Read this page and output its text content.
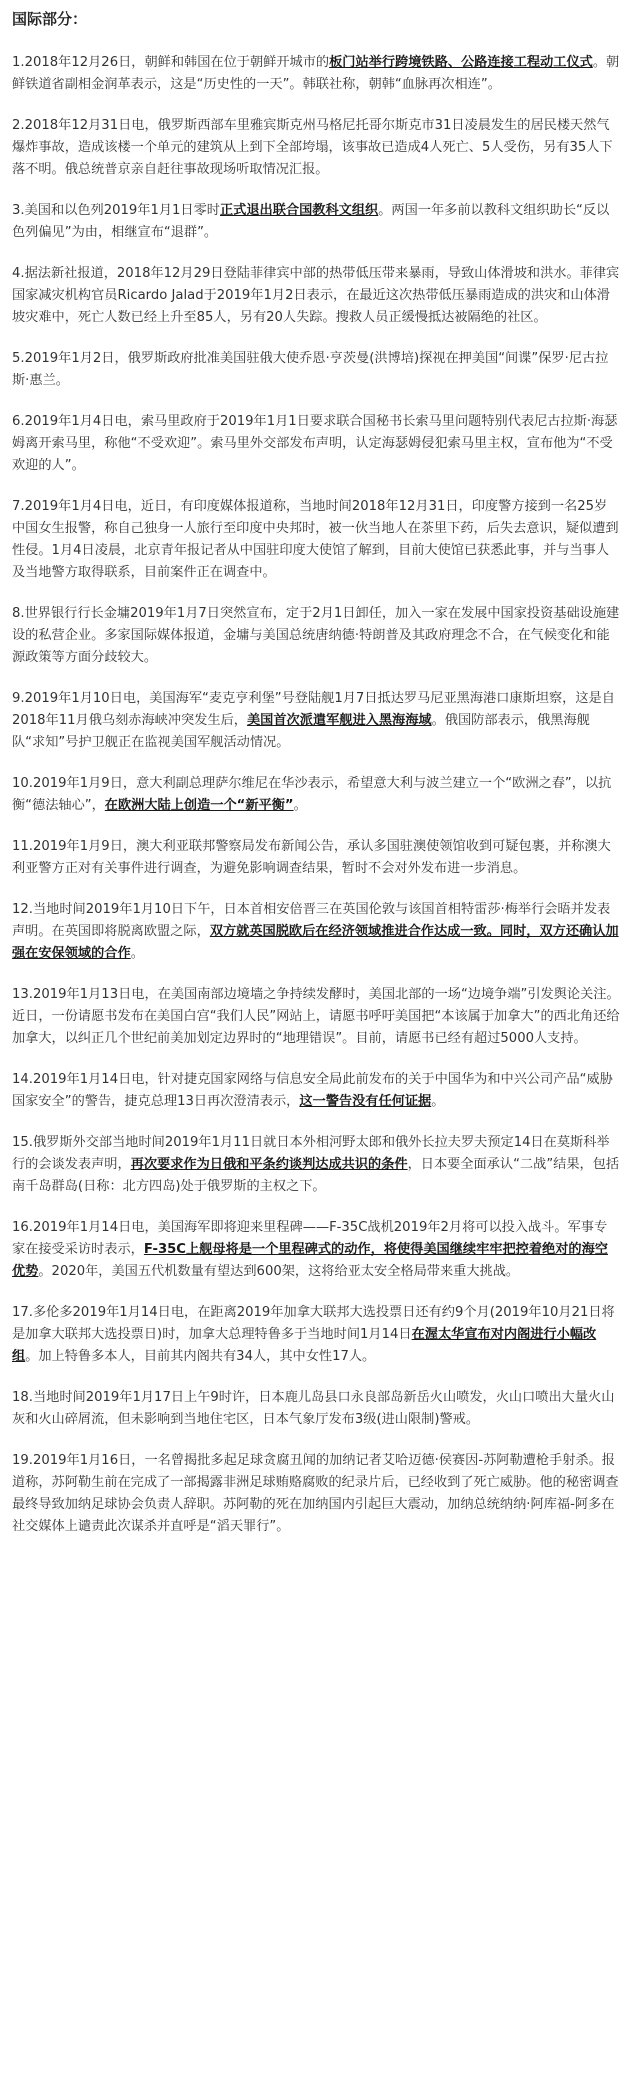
国际部分：
1.2018年12月26日，朝鲜和韩国在位于朝鲜开城市的板门站举行跨境铁路、公路连接工程动工仪式。朝鲜铁道省副相金润革表示，这是“历史性的一天”。韩联社称，朝韩“血脉再次相连”。
2.2018年12月31日电，俄罗斯西部车里雅宾斯克州马格尼托哥尔斯克市31日凌晨发生的居民楼天然气爆炸事故，造成该楼一个单元的建筑从上到下全部垮塌，该事故已造成4人死亡、5人受伤，另有35人下落不明。俄总统普京亲自赶往事故现场听取情况汇报。
3.美国和以色列2019年1月1日零时正式退出联合国教科文组织。两国一年多前以教科文组织助长“反以色列偏见”为由，相继宣布“退群”。
4.据法新社报道，2018年12月29日登陆菲律宾中部的热带低压带来暴雨，导致山体滑坡和洪水。菲律宾国家减灾机构官员Ricardo Jalad于2019年1月2日表示，在最近这次热带低压暴雨造成的洪灾和山体滑坡灾难中，死亡人数已经上升至85人，另有20人失踪。搜救人员正缓慢抵达被隔绝的社区。
5.2019年1月2日，俄罗斯政府批准美国驻俄大使乔恩·亨茨曼(洪博培)探视在押美国“间谍”保罗·尼古拉斯·惠兰。
6.2019年1月4日电，索马里政府于2019年1月1日要求联合国秘书长索马里问题特别代表尼古拉斯·海瑟姆离开索马里，称他“不受欢迎”。索马里外交部发布声明，认定海瑟姆侵犯索马里主权，宣布他为“不受欢迎的人”。
7.2019年1月4日电，近日，有印度媒体报道称，当地时间2018年12月31日，印度警方接到一名25岁中国女生报警，称自己独身一人旅行至印度中央邦时，被一伙当地人在茶里下药，后失去意识，疑似遭到性侵。1月4日凌晨，北京青年报记者从中国驻印度大使馆了解到，目前大使馆已获悉此事，并与当事人及当地警方取得联系，目前案件正在调查中。
8.世界银行行长金墉2019年1月7日突然宣布，定于2月1日卸任，加入一家在发展中国家投资基础设施建设的私营企业。多家国际媒体报道，金墉与美国总统唐纳德·特朗普及其政府理念不合，在气候变化和能源政策等方面分歧较大。
9.2019年1月10日电，美国海军“麦克亨利堡”号登陆舰1月7日抵达罗马尼亚黑海港口康斯坦察，这是自2018年11月俄乌刻赤海峡冲突发生后，美国首次派遣军舰进入黑海海域。俄国防部表示，俄黑海舰队“求知”号护卫舰正在监视美国军舰活动情况。
10.2019年1月9日，意大利副总理萨尔维尼在华沙表示，希望意大利与波兰建立一个“欧洲之春”，以抗衡“德法轴心”，在欧洲大陆上创造一个“新平衡”。
11.2019年1月9日，澳大利亚联邦警察局发布新闻公告，承认多国驻澳使领馆收到可疑包裹，并称澳大利亚警方正对有关事件进行调查，为避免影响调查结果，暂时不会对外发布进一步消息。
12.当地时间2019年1月10日下午，日本首相安倍晋三在英国伦敦与该国首相特雷莎·梅举行会晤并发表声明。在英国即将脱离欧盟之际，双方就英国脱欧后在经济领域推进合作达成一致。同时，双方还确认加强在安保领域的合作。
13.2019年1月13日电，在美国南部边境墙之争持续发酵时，美国北部的一场“边境争端”引发舆论关注。近日，一份请愿书发布在美国白宫“我们人民”网站上，请愿书呼吁美国把“本该属于加拿大”的西北角还给加拿大，以纠正几个世纪前美加划定边界时的“地理错误”。目前，请愿书已经有超过5000人支持。
14.2019年1月14日电，针对捷克国家网络与信息安全局此前发布的关于中国华为和中兴公司产品“威胁国家安全”的警告，捷克总理13日再次澄清表示，这一警告没有任何证据。
15.俄罗斯外交部当地时间2019年1月11日就日本外相河野太郎和俄外长拉夫罗夫预定14日在莫斯科举行的会谈发表声明，再次要求作为日俄和平条约谈判达成共识的条件，日本要全面承认“二战”结果，包括南千岛群岛(日称：北方四岛)处于俄罗斯的主权之下。
16.2019年1月14日电，美国海军即将迎来里程碑——F-35C战机2019年2月将可以投入战斗。军事专家在接受采访时表示，F-35C上舰母将是一个里程碑式的动作，将使得美国继续牢牢把控着绝对的海空优势。2020年，美国五代机数量有望达到600架，这将给亚太安全格局带来重大挑战。
17.多伦多2019年1月14日电，在距离2019年加拿大联邦大选投票日还有约9个月(2019年10月21日将是加拿大联邦大选投票日)时，加拿大总理特鲁多于当地时间1月14日在渥太华宣布对内阁进行小幅改组。加上特鲁多本人，目前其内阁共有34人，其中女性17人。
18.当地时间2019年1月17日上午9时许，日本鹿儿岛县口永良部岛新岳火山喷发，火山口喷出大量火山灰和火山碎屑流，但未影响到当地住宅区，日本气象厅发布3级(进山限制)警戒。
19.2019年1月16日，一名曾揭批多起足球贪腐丑闻的加纳记者艾哈迈德·侯赛因-苏阿勒遭枪手射杀。报道称，苏阿勒生前在完成了一部揭露非洲足球贿赂腐败的纪录片后，已经收到了死亡威胁。他的秘密调查最终导致加纳足球协会负责人辞职。苏阿勒的死在加纳国内引起巨大震动，加纳总统纳纳·阿库福-阿多在社交媒体上谴责此次谋杀并直呼是“滔天罪行”。
